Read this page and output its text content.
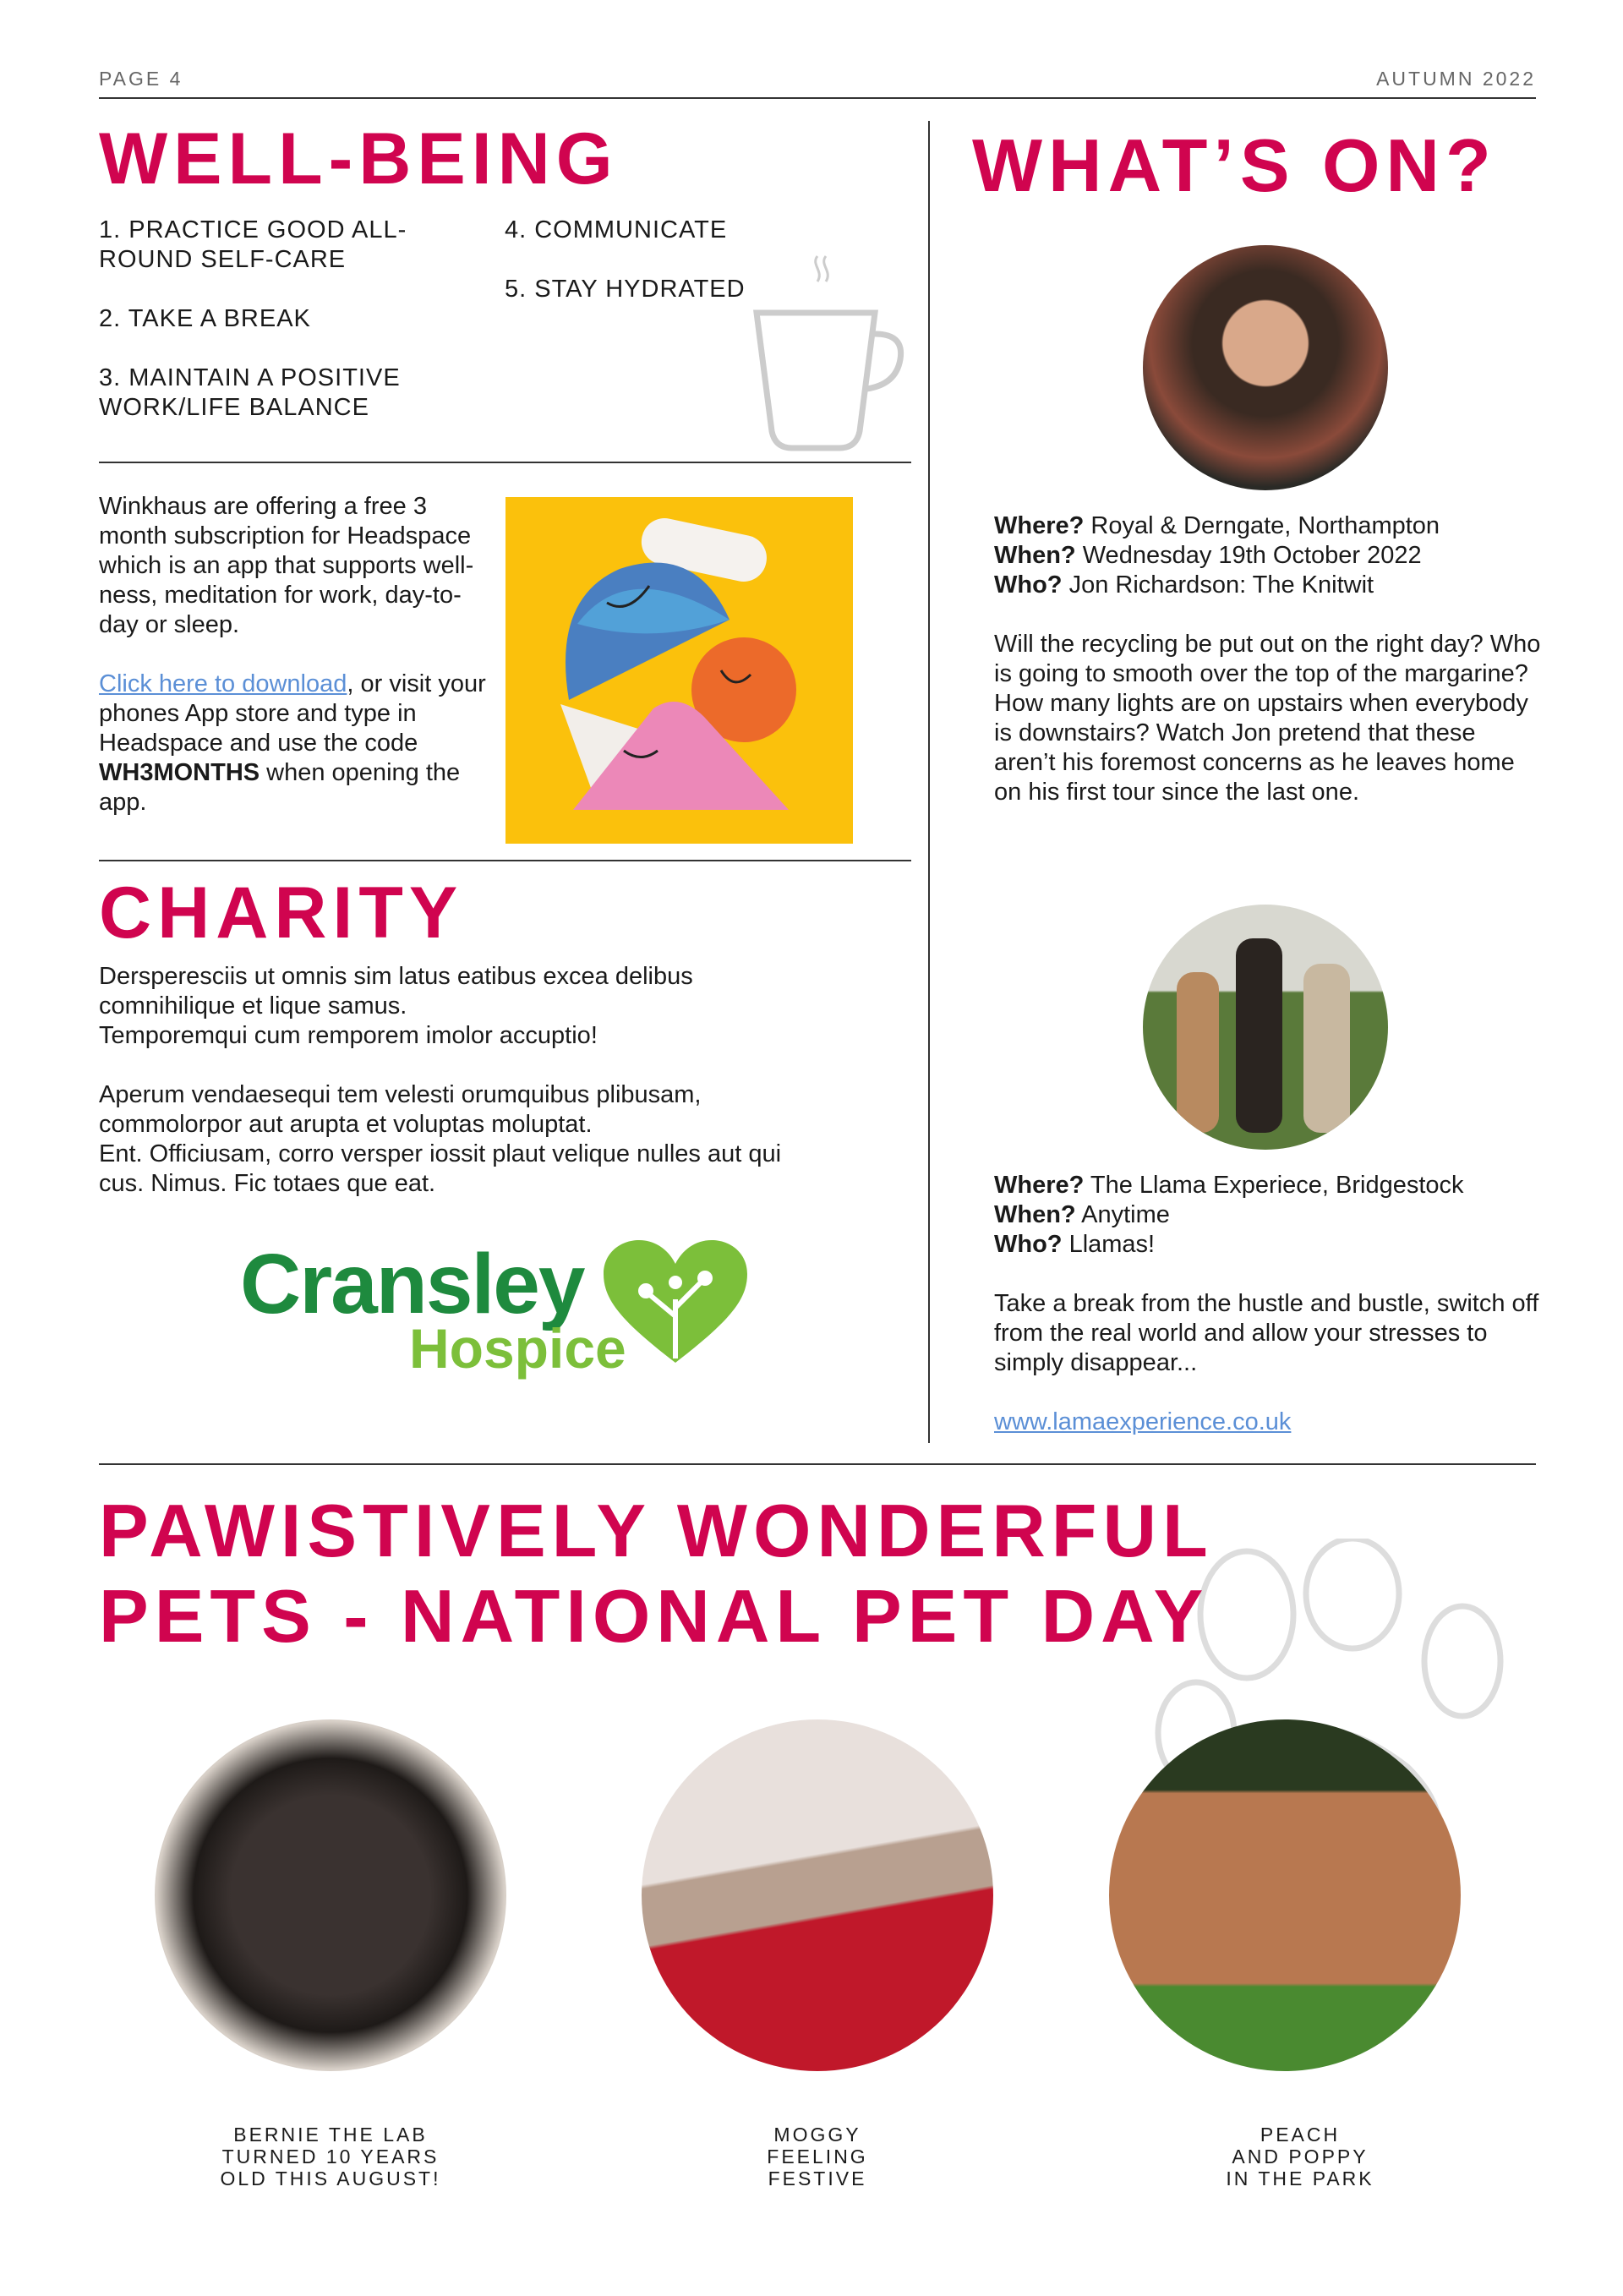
PAGE 4	AUTUMN 2022
WELL-BEING
1. PRACTICE GOOD ALL-ROUND SELF-CARE
2. TAKE A BREAK
3. MAINTAIN A POSITIVE WORK/LIFE BALANCE
4. COMMUNICATE
5. STAY HYDRATED

Winkhaus are offering a free 3 month subscription for Headspace which is an app that supports well-ness, meditation for work, day-to-day or sleep.

Click here to download, or visit your phones App store and type in Headspace and use the code WH3MONTHS when opening the app.

CHARITY

Dersperesciis ut omnis sim latus eatibus excea delibus comnihilique et lique samus.

Temporemqui cum remporem imolor accuptio!

Aperum vendaesequi tem velesti orumquibus plibusam, commolorpor aut arupta et voluptas moluptat.

Ent. Officiusam, corro versper iossit plaut velique nulles aut qui cus. Nimus. Fic totaes que eat.

Cransley
Hospice
WHAT’S ON?

Where? Royal & Derngate, Northampton

When? Wednesday 19th October 2022

Who? Jon Richardson: The Knitwit

Will the recycling be put out on the right day? Who is going to smooth over the top of the margarine? How many lights are on upstairs when everybody is downstairs? Watch Jon pretend that these aren’t his foremost concerns as he leaves home on his first tour since the last one.

Where? The Llama Experiece, Bridgestock

When? Anytime

Who? Llamas!

Take a break from the hustle and bustle, switch off from the real world and allow your stresses to simply disappear...

www.lamaexperience.co.uk

PAWISTIVELY WONDERFUL
PETS - NATIONAL PET DAY
BERNIE THE LAB
TURNED 10 YEARS
OLD THIS AUGUST!
MOGGY
FEELING
FESTIVE
PEACH
AND POPPY
IN THE PARK
